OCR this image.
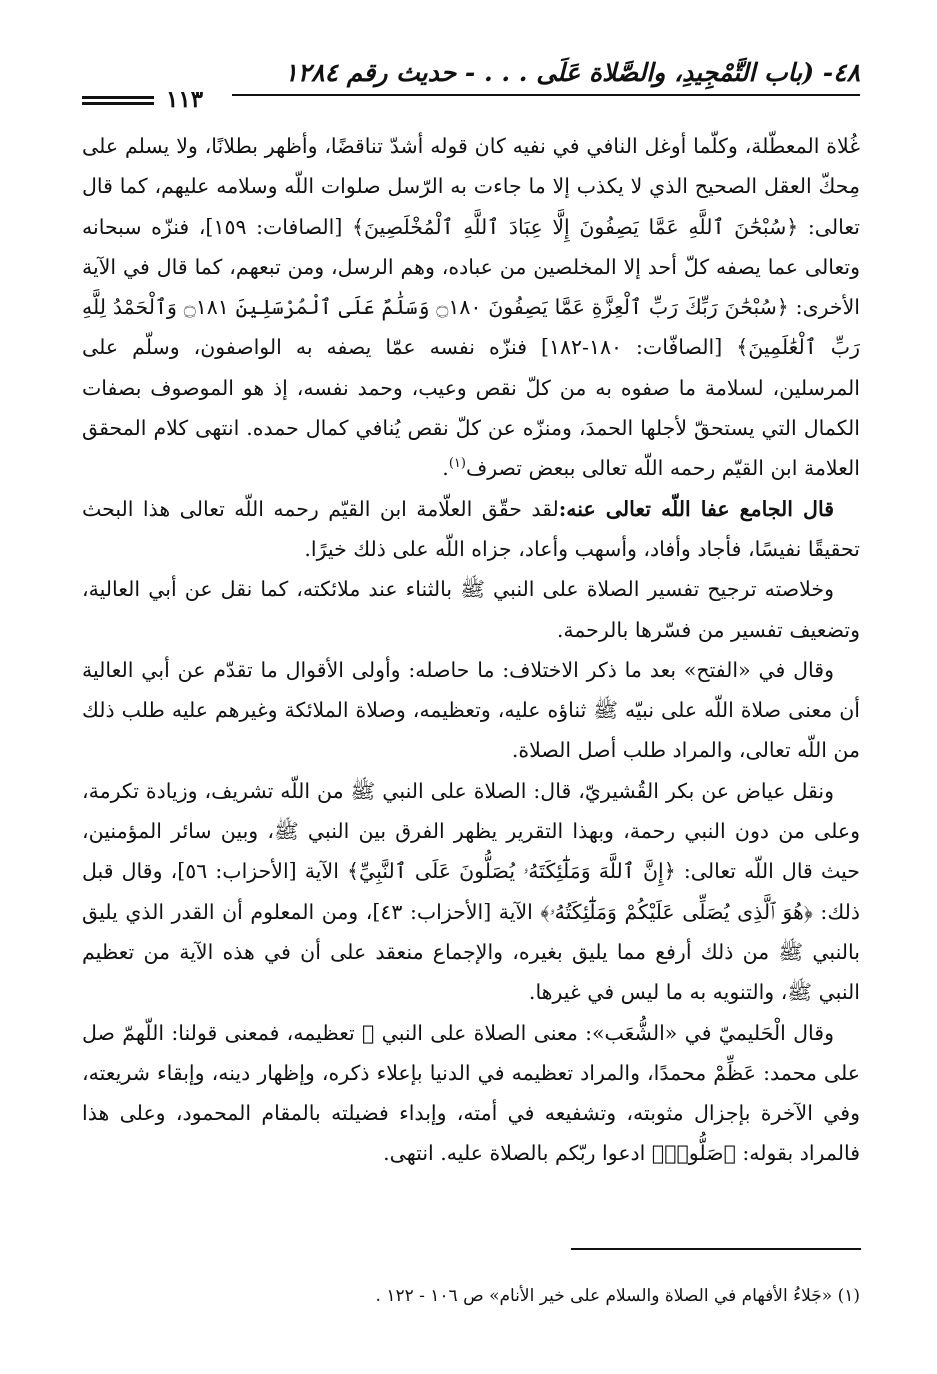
٤٨- (باب التَّمْجِيدِ، والصَّلاة عَلَى . . . - حديث رقم ١٢٨٤
١١٣

غُلاة المعطّلة، وكلّما أوغل النافي في نفيه كان قوله أشدّ تناقضًا، وأظهر بطلانًا، ولا يسلم على مِحكّ العقل الصحيح الذي لا يكذب إلا ما جاءت به الرّسل صلوات اللّه وسلامه عليهم، كما قال تعالى: ﴿سُبْحَٰنَ ٱللَّهِ عَمَّا يَصِفُونَ إِلَّا عِبَادَ ٱللَّهِ ٱلْمُخْلَصِينَ﴾ [الصافات: ١٥٩]، فنزّه سبحانه وتعالى عما يصفه كلّ أحد إلا المخلصين من عباده، وهم الرسل، ومن تبعهم، كما قال في الآية الأخرى: ﴿سُبْحَٰنَ رَبِّكَ رَبِّ ٱلْعِزَّةِ عَمَّا يَصِفُونَ ۝١٨٠ وَسَلَٰمٌ عَلَى ٱلْمُرْسَلِينَ ۝١٨١ وَٱلْحَمْدُ لِلَّهِ رَبِّ ٱلْعَٰلَمِينَ﴾ [الصافّات: ١٨٠-١٨٢] فنزّه نفسه عمّا يصفه به الواصفون، وسلّم على المرسلين، لسلامة ما صفوه به من كلّ نقص وعيب، وحمد نفسه، إذ هو الموصوف بصفات الكمال التي يستحقّ لأجلها الحمدَ، ومنزّه عن كلّ نقص يُنافي كمال حمده. انتهى كلام المحقق العلامة ابن القيّم رحمه اللّه تعالى ببعض تصرف$^{(١)}$.

قال الجامع عفا اللّه تعالى عنه:لقد حقّق العلّامة ابن القيّم رحمه اللّه تعالى هذا البحث تحقيقًا نفيسًا، فأجاد وأفاد، وأسهب وأعاد، جزاه اللّه على ذلك خيرًا.

وخلاصته ترجيح تفسير الصلاة على النبي ﷺ بالثناء عند ملائكته، كما نقل عن أبي العالية، وتضعيف تفسير من فسّرها بالرحمة.

وقال في «الفتح» بعد ما ذكر الاختلاف: ما حاصله: وأولى الأقوال ما تقدّم عن أبي العالية أن معنى صلاة اللّه على نبيّه ﷺ ثناؤه عليه، وتعظيمه، وصلاة الملائكة وغيرهم عليه طلب ذلك من اللّه تعالى، والمراد طلب أصل الصلاة.

ونقل عياض عن بكر القُشيريّ، قال: الصلاة على النبي ﷺ من اللّه تشريف، وزيادة تكرمة، وعلى من دون النبي رحمة، وبهذا التقرير يظهر الفرق بين النبي ﷺ، وبين سائر المؤمنين، حيث قال اللّه تعالى: ﴿إِنَّ ٱللَّهَ وَمَلَٰٓئِكَتَهُۥ يُصَلُّونَ عَلَى ٱلنَّبِيِّ﴾ الآية [الأحزاب: ٥٦]، وقال قبل ذلك: ﴿هُوَ ٱلَّذِى يُصَلِّى عَلَيْكُمْ وَمَلَٰٓئِكَتُهُۥ﴾ الآية [الأحزاب: ٤٣]، ومن المعلوم أن القدر الذي يليق بالنبي ﷺ من ذلك أرفع مما يليق بغيره، والإجماع منعقد على أن في هذه الآية من تعظيم النبي ﷺ، والتنويه به ما ليس في غيرها.

وقال الْحَليميّ في «الشُّعَب»: معنى الصلاة على النبي ﷺ تعظيمه، فمعنى قولنا: اللّهمّ صل على محمد: عَظِّمْ محمدًا، والمراد تعظيمه في الدنيا بإعلاء ذكره، وإظهار دينه، وإبقاء شريعته، وفي الآخرة بإجزال مثوبته، وتشفيعه في أمته، وإبداء فضيلته بالمقام المحمود، وعلى هذا فالمراد بقوله: ﴿صَلُّوا۟﴾ ادعوا ربّكم بالصلاة عليه. انتهى.

(١) «جَلاءُ الأفهام في الصلاة والسلام على خير الأنام» ص ١٠٦ - ١٢٢ .
